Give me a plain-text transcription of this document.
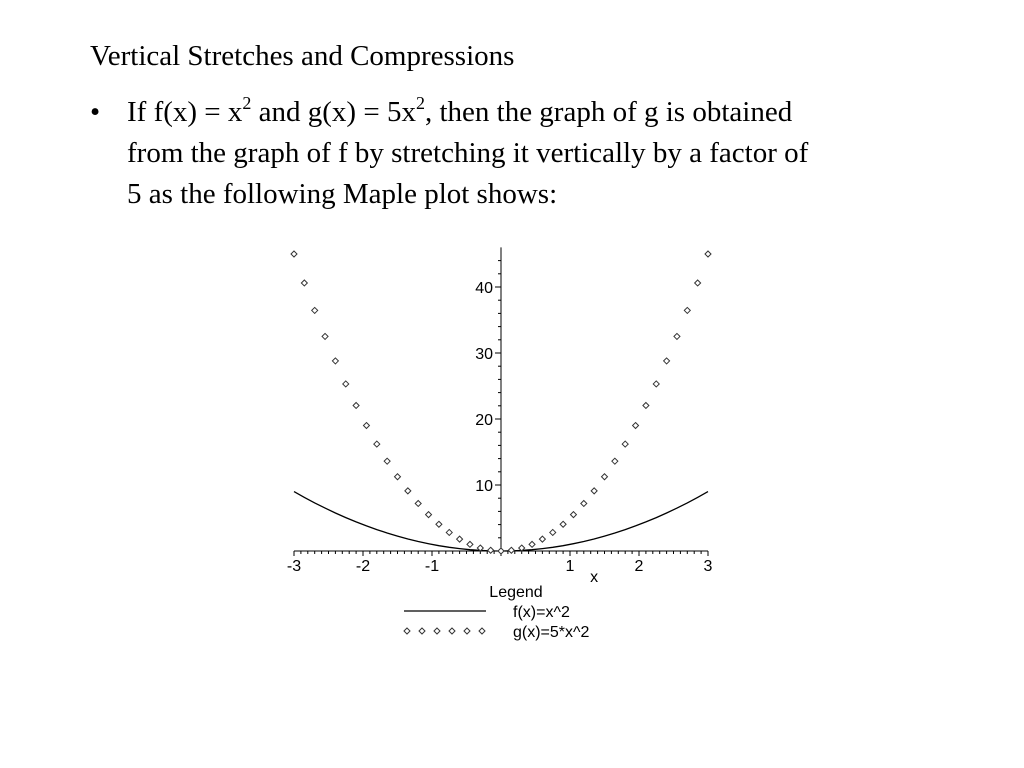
Vertical Stretches and Compressions
• If $f(x) = x^2$ and $g(x) = 5x^2$, then the graph of g is obtained
from the graph of f by stretching it vertically by a factor of
5 as the following Maple plot shows:
-3	-2	-1	1	2	3
x
10
20
30
40
Legend
f(x)=x^2
g(x)=5*x^2
